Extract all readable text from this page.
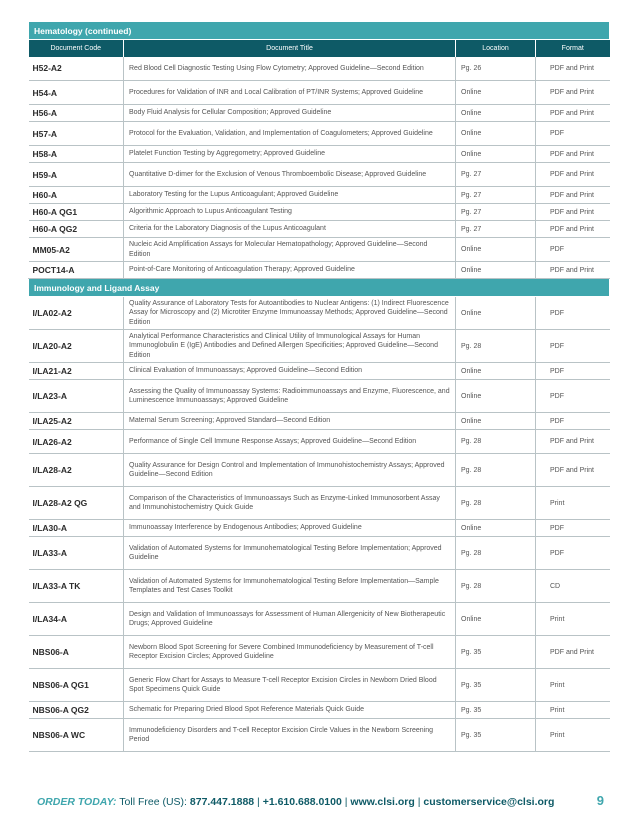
Hematology (continued)			
Document Code	Document Title	Location	Format
H52-A2	Red Blood Cell Diagnostic Testing Using Flow Cytometry; Approved Guideline—Second Edition	Pg. 26	PDF and Print
H54-A	Procedures for Validation of INR and Local Calibration of PT/INR Systems; Approved Guideline	Online	PDF and Print
H56-A	Body Fluid Analysis for Cellular Composition; Approved Guideline	Online	PDF and Print
H57-A	Protocol for the Evaluation, Validation, and Implementation of Coagulometers; Approved Guideline	Online	PDF
H58-A	Platelet Function Testing by Aggregometry; Approved Guideline	Online	PDF and Print
H59-A	Quantitative D-dimer for the Exclusion of Venous Thromboembolic Disease; Approved Guideline	Pg. 27	PDF and Print
H60-A	Laboratory Testing for the Lupus Anticoagulant; Approved Guideline	Pg. 27	PDF and Print
H60-A QG1	Algorithmic Approach to Lupus Anticoagulant Testing	Pg. 27	PDF and Print
H60-A QG2	Criteria for the Laboratory Diagnosis of the Lupus Anticoagulant	Pg. 27	PDF and Print
MM05-A2	Nucleic Acid Amplification Assays for Molecular Hematopathology; Approved Guideline—Second Edition	Online	PDF
POCT14-A	Point-of-Care Monitoring of Anticoagulation Therapy; Approved Guideline	Online	PDF and Print
Immunology and Ligand Assay			
I/LA02-A2	Quality Assurance of Laboratory Tests for Autoantibodies to Nuclear Antigens: (1) Indirect Fluorescence Assay for Microscopy and (2) Microtiter Enzyme Immunoassay Methods; Approved Guideline—Second Edition	Online	PDF
I/LA20-A2	Analytical Performance Characteristics and Clinical Utility of Immunological Assays for Human Immunoglobulin E (IgE) Antibodies and Defined Allergen Specificities; Approved Guideline—Second Edition	Pg. 28	PDF
I/LA21-A2	Clinical Evaluation of Immunoassays; Approved Guideline—Second Edition	Online	PDF
I/LA23-A	Assessing the Quality of Immunoassay Systems: Radioimmunoassays and Enzyme, Fluorescence, and Luminescence Immunoassays; Approved Guideline	Online	PDF
I/LA25-A2	Maternal Serum Screening; Approved Standard—Second Edition	Online	PDF
I/LA26-A2	Performance of Single Cell Immune Response Assays; Approved Guideline—Second Edition	Pg. 28	PDF and Print
I/LA28-A2	Quality Assurance for Design Control and Implementation of Immunohistochemistry Assays; Approved Guideline—Second Edition	Pg. 28	PDF and Print
I/LA28-A2 QG	Comparison of the Characteristics of Immunoassays Such as Enzyme-Linked Immunosorbent Assay and Immunohistochemistry Quick Guide	Pg. 28	Print
I/LA30-A	Immunoassay Interference by Endogenous Antibodies; Approved Guideline	Online	PDF
I/LA33-A	Validation of Automated Systems for Immunohematological Testing Before Implementation; Approved Guideline	Pg. 28	PDF
I/LA33-A TK	Validation of Automated Systems for Immunohematological Testing Before Implementation—Sample Templates and Test Cases Toolkit	Pg. 28	CD
I/LA34-A	Design and Validation of Immunoassays for Assessment of Human Allergenicity of New Biotherapeutic Drugs; Approved Guideline	Online	Print
NBS06-A	Newborn Blood Spot Screening for Severe Combined Immunodeficiency by Measurement of T-cell Receptor Excision Circles; Approved Guideline	Pg. 35	PDF and Print
NBS06-A QG1	Generic Flow Chart for Assays to Measure T-cell Receptor Excision Circles in Newborn Dried Blood Spot Specimens Quick Guide	Pg. 35	Print
NBS06-A QG2	Schematic for Preparing Dried Blood Spot Reference Materials Quick Guide	Pg. 35	Print
NBS06-A WC	Immunodeficiency Disorders and T-cell Receptor Excision Circle Values in the Newborn Screening Period	Pg. 35	Print
ORDER TODAY: Toll Free (US): 877.447.1888 | +1.610.688.0100 | www.clsi.org | customerservice@clsi.org	9
